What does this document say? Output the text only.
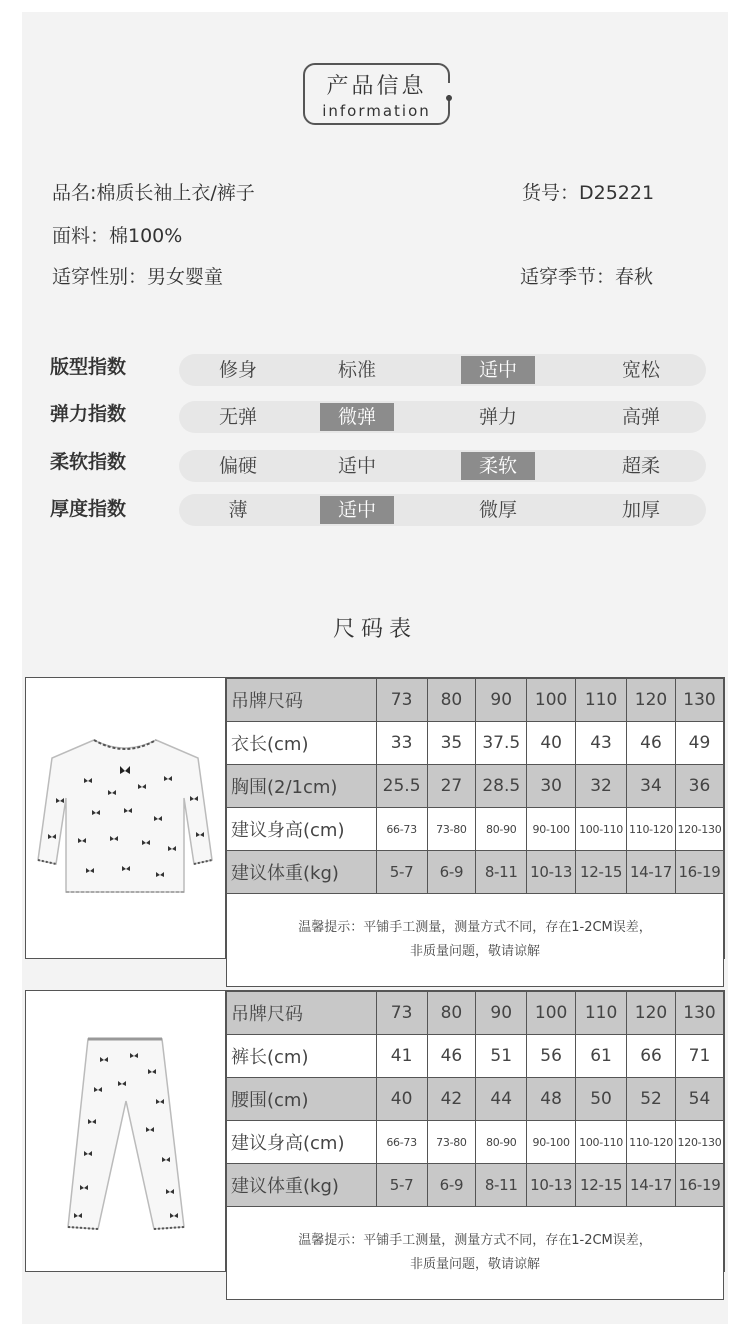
产品信息
information
品名:棉质长袖上衣/裤子	货号：D25221
面料：棉100%
适穿性别：男女婴童	适穿季节：春秋
版型指数	修身	标准	适中	宽松
弹力指数	无弹	微弹	弹力	高弹
柔软指数	偏硬	适中	柔软	超柔
厚度指数	薄	适中	微厚	加厚
尺码表
吊牌尺码	73	80	90	100	110	120	130
衣长(cm)	33	35	37.5	40	43	46	49
胸围(2/1cm)	25.5	27	28.5	30	32	34	36
建议身高(cm)	66-73	73-80	80-90	90-100	100-110	110-120	120-130
建议体重(kg)	5-7	6-9	8-11	10-13	12-15	14-17	16-19

温馨提示：平铺手工测量，测量方式不同，存在1-2CM误差，
非质量问题，敬请谅解							
吊牌尺码	73	80	90	100	110	120	130
裤长(cm)	41	46	51	56	61	66	71
腰围(cm)	40	42	44	48	50	52	54
建议身高(cm)	66-73	73-80	80-90	90-100	100-110	110-120	120-130
建议体重(kg)	5-7	6-9	8-11	10-13	12-15	14-17	16-19

温馨提示：平铺手工测量，测量方式不同，存在1-2CM误差，
非质量问题，敬请谅解							
